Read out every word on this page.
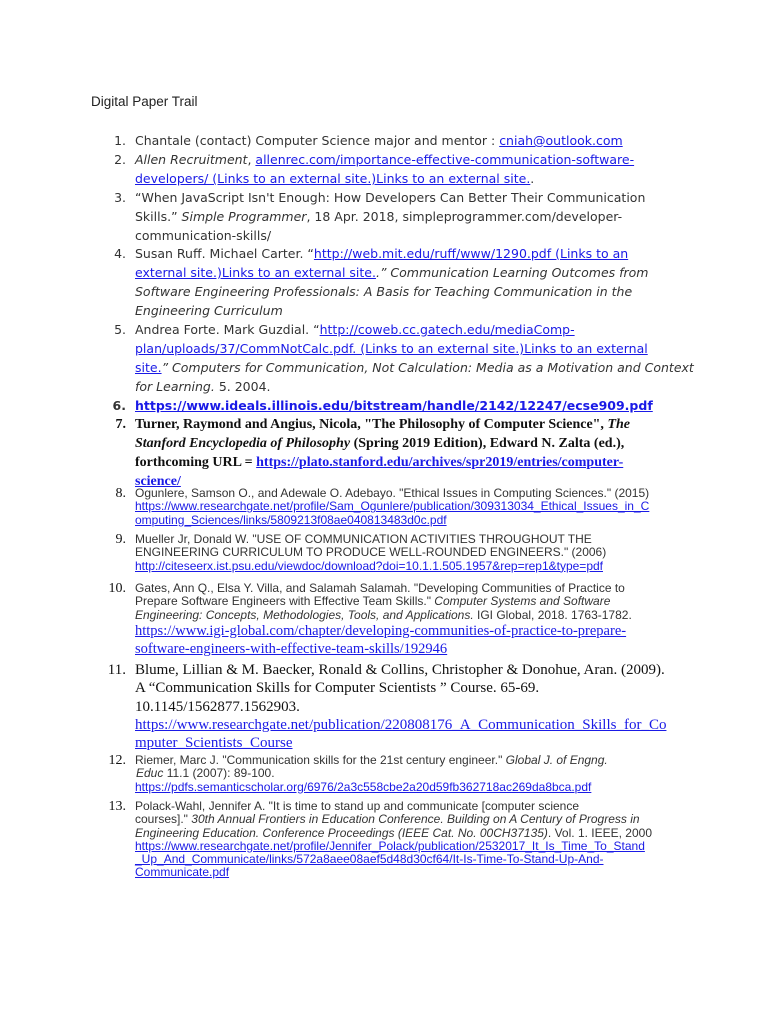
Digital Paper Trail
1. Chantale (contact) Computer Science major and mentor : cniah@outlook.com
2. Allen Recruitment, allenrec.com/importance-effective-communication-software-
developers/ (Links to an external site.)Links to an external site..
3. “When JavaScript Isn't Enough: How Developers Can Better Their Communication
Skills.” Simple Programmer, 18 Apr. 2018, simpleprogrammer.com/developer-
communication-skills/
4. Susan Ruff. Michael Carter. “http://web.mit.edu/ruff/www/1290.pdf (Links to an
external site.)Links to an external site..” Communication Learning Outcomes from
Software Engineering Professionals: A Basis for Teaching Communication in the
Engineering Curriculum
5. Andrea Forte. Mark Guzdial. “http://coweb.cc.gatech.edu/mediaComp-
plan/uploads/37/CommNotCalc.pdf. (Links to an external site.)Links to an external
site.” Computers for Communication, Not Calculation: Media as a Motivation and Context
for Learning. 5. 2004.
6. https://www.ideals.illinois.edu/bitstream/handle/2142/12247/ecse909.pdf
7. Turner, Raymond and Angius, Nicola, "The Philosophy of Computer Science", The
Stanford Encyclopedia of Philosophy (Spring 2019 Edition), Edward N. Zalta (ed.),
forthcoming URL = https://plato.stanford.edu/archives/spr2019/entries/computer-
science/
8. Ogunlere, Samson O., and Adewale O. Adebayo. "Ethical Issues in Computing Sciences." (2015)
https://www.researchgate.net/profile/Sam_Ogunlere/publication/309313034_Ethical_Issues_in_C
omputing_Sciences/links/5809213f08ae040813483d0c.pdf
9. Mueller Jr, Donald W. "USE OF COMMUNICATION ACTIVITIES THROUGHOUT THE
ENGINEERING CURRICULUM TO PRODUCE WELL-ROUNDED ENGINEERS." (2006)
http://citeseerx.ist.psu.edu/viewdoc/download?doi=10.1.1.505.1957&rep=rep1&type=pdf
10. Gates, Ann Q., Elsa Y. Villa, and Salamah Salamah. "Developing Communities of Practice to
Prepare Software Engineers with Effective Team Skills." Computer Systems and Software
Engineering: Concepts, Methodologies, Tools, and Applications. IGI Global, 2018. 1763-1782.
https://www.igi-global.com/chapter/developing-communities-of-practice-to-prepare-
software-engineers-with-effective-team-skills/192946
11. Blume, Lillian & M. Baecker, Ronald & Collins, Christopher & Donohue, Aran. (2009).
A “Communication Skills for Computer Scientists ” Course. 65-69.
10.1145/1562877.1562903.
https://www.researchgate.net/publication/220808176_A_Communication_Skills_for_Co
mputer_Scientists_Course
12. Riemer, Marc J. "Communication skills for the 21st century engineer." Global J. of Engng.
Educ 11.1 (2007): 89-100.
https://pdfs.semanticscholar.org/6976/2a3c558cbe2a20d59fb362718ac269da8bca.pdf
13. Polack-Wahl, Jennifer A. "It is time to stand up and communicate [computer science
courses]." 30th Annual Frontiers in Education Conference. Building on A Century of Progress in
Engineering Education. Conference Proceedings (IEEE Cat. No. 00CH37135). Vol. 1. IEEE, 2000
https://www.researchgate.net/profile/Jennifer_Polack/publication/2532017_It_Is_Time_To_Stand
_Up_And_Communicate/links/572a8aee08aef5d48d30cf64/It-Is-Time-To-Stand-Up-And-
Communicate.pdf
